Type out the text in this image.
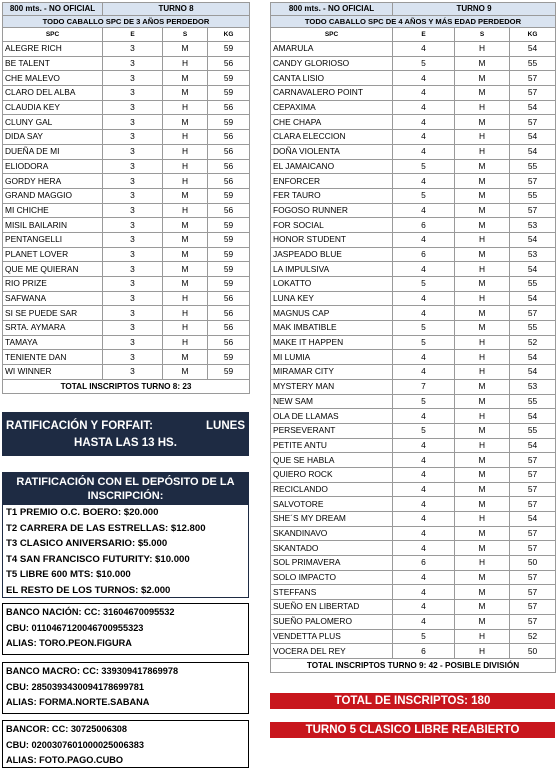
800 mts. - NO OFICIAL	TURNO 8		
TODO CABALLO SPC DE 3 AÑOS PERDEDOR			
SPC	E	S	KG
ALEGRE RICH	3	M	59
BE TALENT	3	H	56
CHE MALEVO	3	M	59
CLARO DEL ALBA	3	M	59
CLAUDIA KEY	3	H	56
CLUNY GAL	3	M	59
DIDA SAY	3	H	56
DUEÑA DE MI	3	H	56
ELIODORA	3	H	56
GORDY HERA	3	H	56
GRAND MAGGIO	3	M	59
MI CHICHE	3	H	56
MISIL BAILARIN	3	M	59
PENTANGELLI	3	M	59
PLANET LOVER	3	M	59
QUE ME QUIERAN	3	M	59
RIO PRIZE	3	M	59
SAFWANA	3	H	56
SI SE PUEDE SAR	3	H	56
SRTA. AYMARA	3	H	56
TAMAYA	3	H	56
TENIENTE DAN	3	M	59
WI WINNER	3	M	59
TOTAL INSCRIPTOS TURNO 8: 23			
800 mts. - NO OFICIAL	TURNO 9		
TODO CABALLO SPC DE 4 AÑOS Y MÁS EDAD PERDEDOR			
SPC	E	S	KG
AMARULA	4	H	54
CANDY GLORIOSO	5	M	55
CANTA LISIO	4	M	57
CARNAVALERO POINT	4	M	57
CEPAXIMA	4	H	54
CHE CHAPA	4	M	57
CLARA ELECCION	4	H	54
DOÑA VIOLENTA	4	H	54
EL JAMAICANO	5	M	55
ENFORCER	4	M	57
FER TAURO	5	M	55
FOGOSO RUNNER	4	M	57
FOR SOCIAL	6	M	53
HONOR STUDENT	4	H	54
JASPEADO BLUE	6	M	53
LA IMPULSIVA	4	H	54
LOKATTO	5	M	55
LUNA KEY	4	H	54
MAGNUS CAP	4	M	57
MAK IMBATIBLE	5	M	55
MAKE IT HAPPEN	5	H	52
MI LUMIA	4	H	54
MIRAMAR CITY	4	H	54
MYSTERY MAN	7	M	53
NEW SAM	5	M	55
OLA DE LLAMAS	4	H	54
PERSEVERANT	5	M	55
PETITE ANTU	4	H	54
QUE SE HABLA	4	M	57
QUIERO ROCK	4	M	57
RECICLANDO	4	M	57
SALVOTORE	4	M	57
SHE´S MY DREAM	4	H	54
SKANDINAVO	4	M	57
SKANTADO	4	M	57
SOL PRIMAVERA	6	H	50
SOLO IMPACTO	4	M	57
STEFFANS	4	M	57
SUEÑO EN LIBERTAD	4	M	57
SUEÑO PALOMERO	4	M	57
VENDETTA PLUS	5	H	52
VOCERA DEL REY	6	H	50
TOTAL INSCRIPTOS TURNO 9: 42 - POSIBLE DIVISIÓN			
RATIFICACIÓN Y FORFAIT:	LUNES
HASTA LAS 13 HS.
RATIFICACIÓN CON EL DEPÓSITO DE LA INSCRIPCIÓN:
T1 PREMIO O.C. BOERO: $20.000
T2 CARRERA DE LAS ESTRELLAS: $12.800
T3 CLASICO ANIVERSARIO: $5.000
T4 SAN FRANCISCO FUTURITY: $10.000
T5 LIBRE 600 MTS: $10.000
EL RESTO DE LOS TURNOS: $2.000
BANCO NACIÓN: CC: 31604670095532
CBU: 0110467120046700955323
ALIAS: TORO.PEON.FIGURA
BANCO MACRO: CC: 339309417869978
CBU: 2850393430094178699781
ALIAS: FORMA.NORTE.SABANA
BANCOR: CC: 30725006308
CBU: 0200307601000025006383
ALIAS: FOTO.PAGO.CUBO
TOTAL DE INSCRIPTOS: 180
TURNO 5 CLASICO LIBRE REABIERTO
